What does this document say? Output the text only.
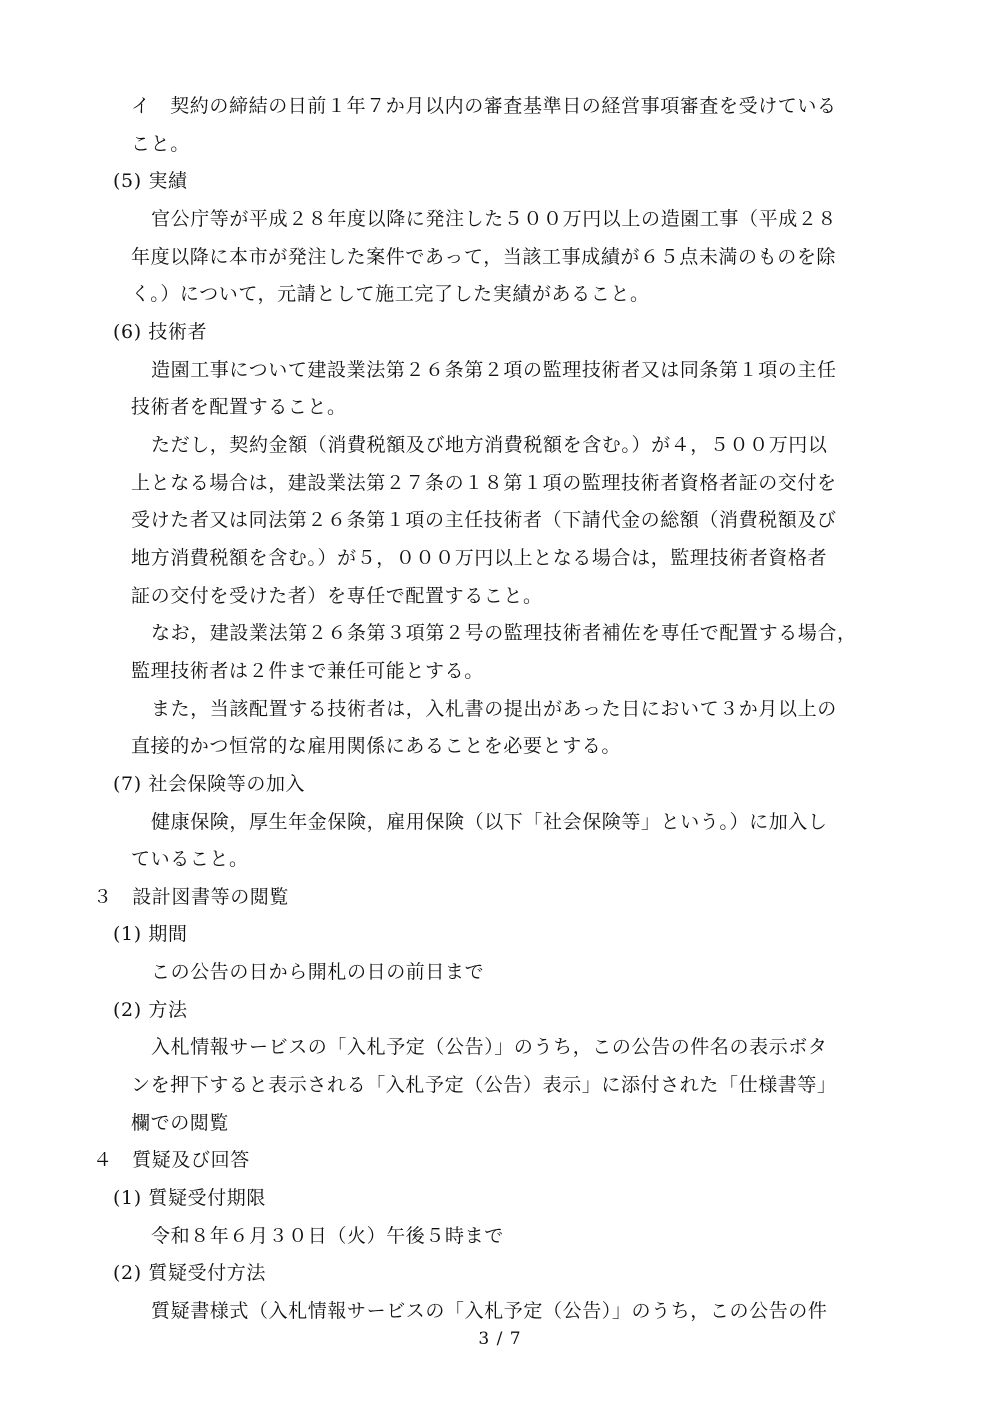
イ　契約の締結の日前１年７か月以内の審査基準日の経営事項審査を受けている
こと。
(5) 実績
官公庁等が平成２８年度以降に発注した５００万円以上の造園工事（平成２８
年度以降に本市が発注した案件であって，当該工事成績が６５点未満のものを除
く。）について，元請として施工完了した実績があること。
(6) 技術者
造園工事について建設業法第２６条第２項の監理技術者又は同条第１項の主任
技術者を配置すること。
ただし，契約金額（消費税額及び地方消費税額を含む。）が４，５００万円以
上となる場合は，建設業法第２７条の１８第１項の監理技術者資格者証の交付を
受けた者又は同法第２６条第１項の主任技術者（下請代金の総額（消費税額及び
地方消費税額を含む。）が５，０００万円以上となる場合は，監理技術者資格者
証の交付を受けた者）を専任で配置すること。
なお，建設業法第２６条第３項第２号の監理技術者補佐を専任で配置する場合，
監理技術者は２件まで兼任可能とする。
また，当該配置する技術者は，入札書の提出があった日において３か月以上の
直接的かつ恒常的な雇用関係にあることを必要とする。
(7) 社会保険等の加入
健康保険，厚生年金保険，雇用保険（以下「社会保険等」という。）に加入し
ていること。
３　設計図書等の閲覧
(1) 期間
この公告の日から開札の日の前日まで
(2) 方法
入札情報サービスの「入札予定（公告）」のうち，この公告の件名の表示ボタ
ンを押下すると表示される「入札予定（公告）表示」に添付された「仕様書等」
欄での閲覧
４　質疑及び回答
(1) 質疑受付期限
令和８年６月３０日（火）午後５時まで
(2) 質疑受付方法
質疑書様式（入札情報サービスの「入札予定（公告）」のうち，この公告の件
3 / 7
